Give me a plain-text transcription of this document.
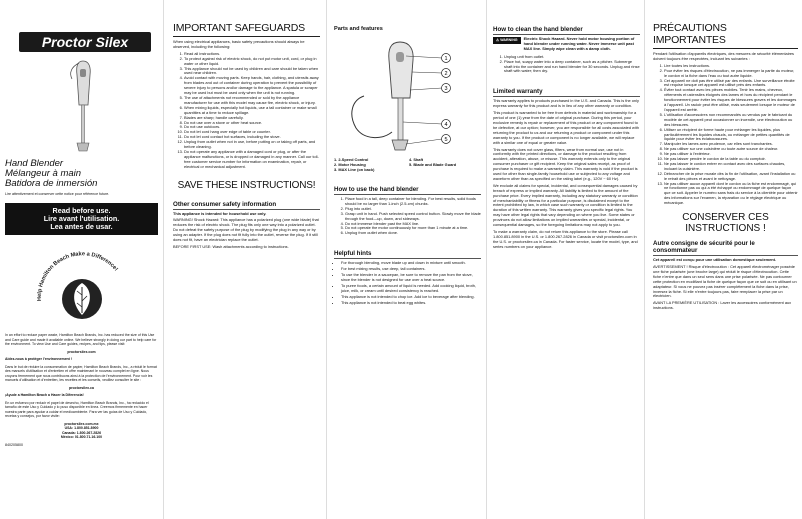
Proctor Silex
Hand Blender
Mélangeur à main
Batidora de inmersión
Lire attentivement et conserver cette notice pour référence future.
Read before use.
Lire avant l'utilisation.
Lea antes de usar.
Help Hamilton Beach Make a Difference!

In an effort to reduce paper waste, Hamilton Beach Brands, Inc. has reduced the size of this Use and Care guide and made it available online. We believe strongly in doing our part to help care for the environment. To view Use and Care guides, recipes, and tips, please visit:

proctorsilex.com

Aidez-nous à protéger l'environnement !

Dans le but de réduire la consommation de papier, Hamilton Beach Brands, Inc., a réduit le format des manuels d'utilisation et d'entretien et offre maintenant le nouveau complet en ligne. Nous croyons fermement que nous contribuons ainsi à la protection de l'environnement. Pour voir les manuels d'utilisation et d'entretien, les recettes et les conseils, veuillez consulter le site :

proctorsilex.ca

¡Ayude a Hamilton Beach a Hacer la Diferencia!

En un esfuerzo por reducir el papel de desecho, Hamilton Beach Brands, Inc., ha reducido el tamaño de este Uso y Cuidado y lo puso disponible en línea. Creemos firmemente en hacer nuestra parte para ayudar a cuidar el medioambiente. Para ver las guías de Uso y Cuidado, recetas y consejos, por favor visite:

proctorsilex.com.mx

USA: 1.800.851.8900

Canada: 1.800.267.2826

México: 01.800.71.16.100

840205800
IMPORTANT SAFEGUARDS

When using electrical appliances, basic safety precautions should always be observed, including the following:

1. Read all instructions.
2. To protect against risk of electric shock, do not put motor unit, cord, or plug in water or other liquid.
3. This appliance should not be used by children and care should be taken when used near children.
4. Avoid contact with moving parts. Keep hands, hair, clothing, and utensils away from blades and out of container during operation to prevent the possibility of severe injury to persons and/or damage to the appliance. A spatula or scraper may be used but must be used only when the unit is not running.
5. The use of attachments not recommended or sold by the appliance manufacturer for use with this model may cause fire, electric shock, or injury.
6. When mixing liquids, especially hot liquids, use a tall container or make small quantities at a time to reduce spillage.
7. Blades are sharp; handle carefully.
8. Do not use over a stove or other heat source.
9. Do not use outdoors.
10. Do not let cord hang over edge of table or counter.
11. Do not let cord contact hot surfaces, including the stove.
12. Unplug from outlet when not in use, before putting on or taking off parts, and before cleaning.
13. Do not operate any appliance with a damaged cord or plug, or after the appliance malfunctions, or is dropped or damaged in any manner. Call our toll-free customer service number for information on examination, repair, or electrical or mechanical adjustment.
SAVE THESE INSTRUCTIONS!
Other consumer safety information

This appliance is intended for household use only.

WARNING! Shock Hazard: This appliance has a polarized plug (one wide blade) that reduces the risk of electric shock. The plug fits only one way into a polarized outlet. Do not defeat the safety purpose of the plug by modifying the plug in any way or by using an adapter. If the plug does not fit fully into the outlet, reverse the plug. If it still does not fit, have an electrician replace the outlet.

BEFORE FIRST USE: Wash attachments according to instructions.

Parts and features
1
2
3
4
5
1. 2-Speed Control	4. Shaft
2. Motor Housing	5. Blade and Blade Guard
3. MAX Line (on back)
How to use the hand blender
1. Place food in a tall, deep container for blending. For best results, solid foods should be no larger than 1-inch (2.5-cm) chunks.
2. Plug into outlet.
3. Grasp unit in hand. Push selected speed control button. Slowly move the blade through the food—up, down, and sideways.
4. Do not immerse blender past the MAX line.
5. Do not operate the motor continuously for more than 1 minute at a time.
6. Unplug from outlet when done.
Helpful hints
• For thorough blending, move blade up and down in mixture until smooth.
• For best mixing results, use deep, tall containers.
• To use the blender in a saucepan, be sure to remove the pan from the stove, since the blender is not designed for use over a heat source.
• To puree foods, a certain amount of liquid is needed. Add cooking liquid, broth, juice, milk, or cream until desired consistency is reached.
• This appliance is not intended to chop ice. Add ice to beverage after blending.
• This appliance is not intended to beat egg whites.
How to clean the hand blender
⚠ WARNING	Electric Shock Hazard. Never hold motor housing portion of hand blender under running water. Never immerse unit past MAX line. Simply wipe clean with a damp cloth.
1. Unplug unit from outlet.
2. Place hot, soapy water into a deep container, such as a pitcher. Submerge shaft into the container and run hand blender for 30 seconds. Unplug and rinse shaft with water; then dry.
Limited warranty

This warranty applies to products purchased in the U.S. and Canada. This is the only express warranty for this product and is in lieu of any other warranty or condition.

This product is warranted to be free from defects in material and workmanship for a period of one (1) year from the date of original purchase. During this period, your exclusive remedy is repair or replacement of this product or any component found to be defective, at our option; however, you are responsible for all costs associated with returning the product to us and our returning a product or component under this warranty to you. If the product or component is no longer available, we will replace with a similar one of equal or greater value.

This warranty does not cover glass, filters, wear from normal use, use not in conformity with the printed directions, or damage to the product resulting from accident, alteration, abuse, or misuse. This warranty extends only to the original consumer purchaser or gift recipient. Keep the original sales receipt, as proof of purchase is required to make a warranty claim. This warranty is void if the product is used for other than single-family household use or subjected to any voltage and waveform other than as specified on the rating label (e.g., 120V ~ 60 Hz).

We exclude all claims for special, incidental, and consequential damages caused by breach of express or implied warranty. All liability is limited to the amount of the purchase price. Every implied warranty, including any statutory warranty or condition of merchantability or fitness for a particular purpose, is disclaimed except to the extent prohibited by law, in which case such warranty or condition is limited to the duration of this written warranty. This warranty gives you specific legal rights. You may have other legal rights that vary depending on where you live. Some states or provinces do not allow limitations on implied warranties or special, incidental, or consequential damages, so the foregoing limitations may not apply to you.

To make a warranty claim, do not return this appliance to the store. Please call 1.800.851.8900 in the U.S. or 1.800.267.2826 in Canada or visit proctorsilex.com in the U.S. or proctorsilex.ca in Canada. For faster service, locate the model, type, and series numbers on your appliance.

PRÉCAUTIONS IMPORTANTES

Pendant l'utilisation d'appareils électriques, des mesures de sécurité élémentaires doivent toujours être respectées, incluant les suivantes :

1. Lire toutes les instructions.
2. Pour éviter les risques d'électrocution, ne pas immerger la partie du moteur, le cordon ni la fiche dans l'eau ou tout autre liquide.
3. Cet appareil ne doit pas être utilisé par des enfants. Une surveillance étroite est requise lorsque cet appareil est utilisé près des enfants.
4. Éviter tout contact avec les pièces mobiles. Tenir les mains, cheveux, vêtements et ustensiles éloignés des lames et hors du récipient pendant le fonctionnement pour éviter les risques de blessures graves et les dommages à l'appareil. Un racloir peut être utilisé, mais seulement lorsque le moteur de l'appareil est arrêté.
5. L'utilisation d'accessoires non recommandés ou vendus par le fabricant du modèle de cet appareil peut occasionner un incendie, une électrocution ou des blessures.
6. Utiliser un récipient de forme haute pour mélanger les liquides, plus particulièrement les liquides chauds, ou mélanger de petites quantités de liquide pour éviter les éclaboussures.
7. Manipuler les lames avec prudence, car elles sont tranchantes.
8. Ne pas utiliser sur une cuisinière ou toute autre source de chaleur.
9. Ne pas utiliser à l'extérieur.
10. Ne pas laisser pendre le cordon de la table ou du comptoir.
11. Ne pas laisser le cordon entrer en contact avec des surfaces chaudes, incluant la cuisinière.
12. Débrancher de la prise murale dès la fin de l'utilisation, avant l'installation ou le retrait des pièces et avant le nettoyage.
13. Ne pas utiliser aucun appareil dont le cordon ou la fiche est endommagé, qui ne fonctionne pas ou qui a été échappé ou endommagé de quelque façon que ce soit. Appeler le numéro sans frais du service à la clientèle pour obtenir des informations sur l'examen, la réparation ou le réglage électrique ou mécanique.
CONSERVER CES INSTRUCTIONS !
Autre consigne de sécurité pour le consommateur

Cet appareil est conçu pour une utilisation domestique seulement.

AVERTISSEMENT ! Risque d'électrocution : Cet appareil électroménager possède une fiche polarisée (une broche large) qui réduit le risque d'électrocution. Cette fiche n'entre que dans un seul sens dans une prise polarisée. Ne pas contourner cette protection en modifiant la fiche de quelque façon que ce soit ou en utilisant un adaptateur. Si vous ne pouvez pas insérer complètement la fiche dans la prise, inversez la fiche. Si elle n'entre toujours pas, faire remplacer la prise par un électricien.

AVANT LA PREMIÈRE UTILISATION : Laver les accessoires conformément aux instructions.
